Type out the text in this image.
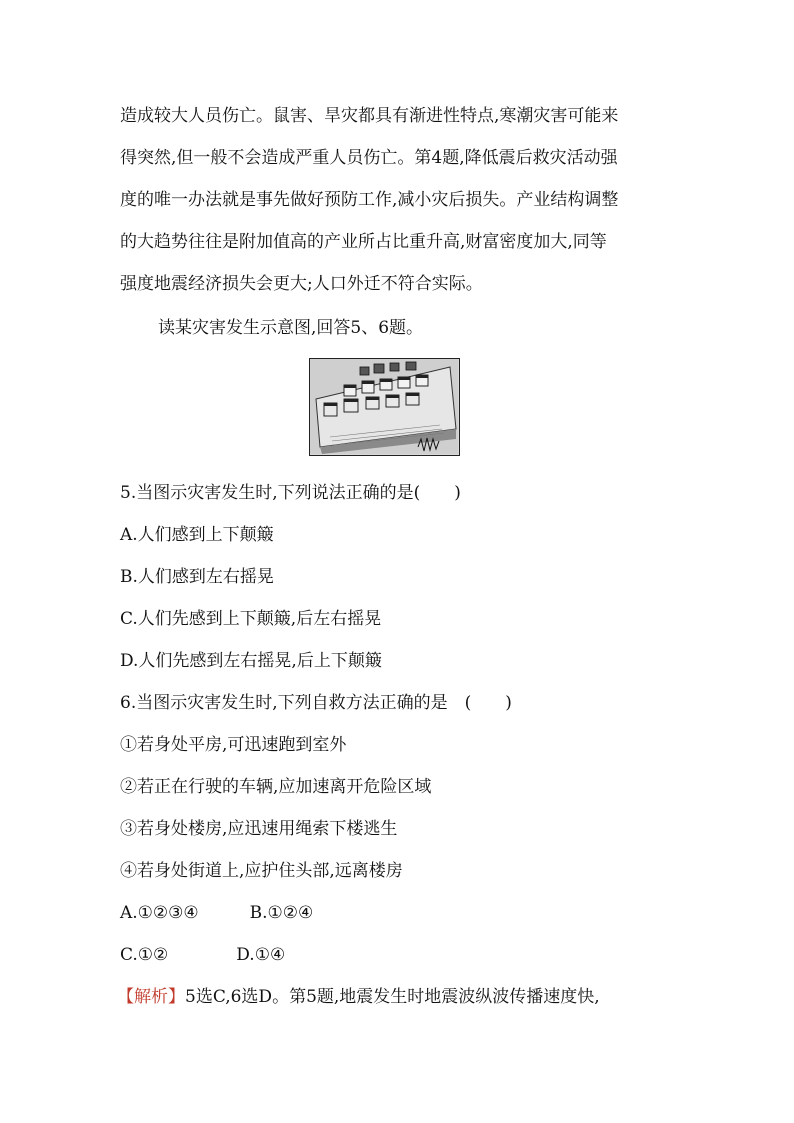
造成较大人员伤亡。鼠害、旱灾都具有渐进性特点,寒潮灾害可能来
得突然,但一般不会造成严重人员伤亡。第4题,降低震后救灾活动强
度的唯一办法就是事先做好预防工作,减小灾后损失。产业结构调整
的大趋势往往是附加值高的产业所占比重升高,财富密度加大,同等
强度地震经济损失会更大;人口外迁不符合实际。
读某灾害发生示意图,回答5、6题。
5.当图示灾害发生时,下列说法正确的是(　　)
A.人们感到上下颠簸
B.人们感到左右摇晃
C.人们先感到上下颠簸,后左右摇晃
D.人们先感到左右摇晃,后上下颠簸
6.当图示灾害发生时,下列自救方法正确的是　(　　)
①若身处平房,可迅速跑到室外
②若正在行驶的车辆,应加速离开危险区域
③若身处楼房,应迅速用绳索下楼逃生
④若身处街道上,应护住头部,远离楼房
A.①②③④　　　B.①②④
C.①②　　　　D.①④
【解析】5选C,6选D。第5题,地震发生时地震波纵波传播速度快,
